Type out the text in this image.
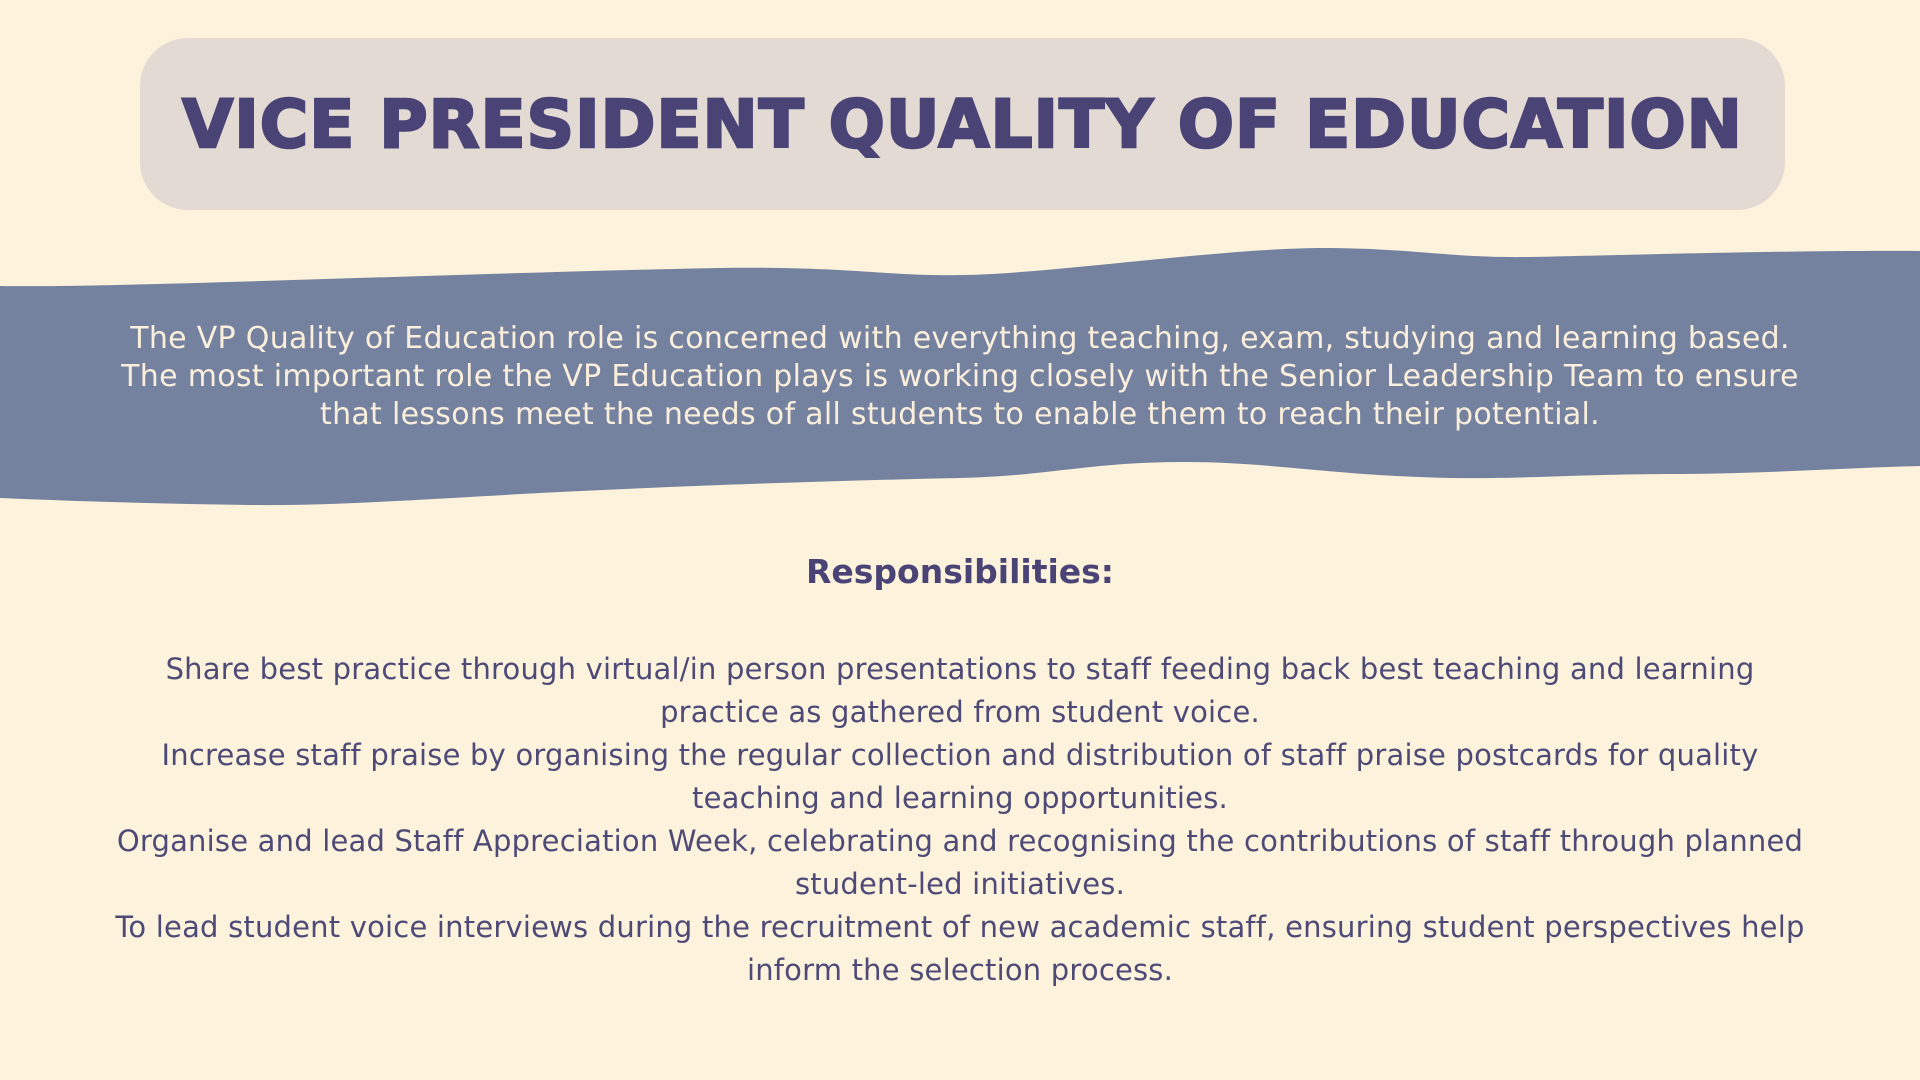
VICE PRESIDENT QUALITY OF EDUCATION
The VP Quality of Education role is concerned with everything teaching, exam, studying and learning based.
The most important role the VP Education plays is working closely with the Senior Leadership Team to ensure
that lessons meet the needs of all students to enable them to reach their potential.
Responsibilities:
Share best practice through virtual/in person presentations to staff feeding back best teaching and learning
practice as gathered from student voice.
Increase staff praise by organising the regular collection and distribution of staff praise postcards for quality
teaching and learning opportunities.
Organise and lead Staff Appreciation Week, celebrating and recognising the contributions of staff through planned
student-led initiatives.
To lead student voice interviews during the recruitment of new academic staff, ensuring student perspectives help
inform the selection process.
